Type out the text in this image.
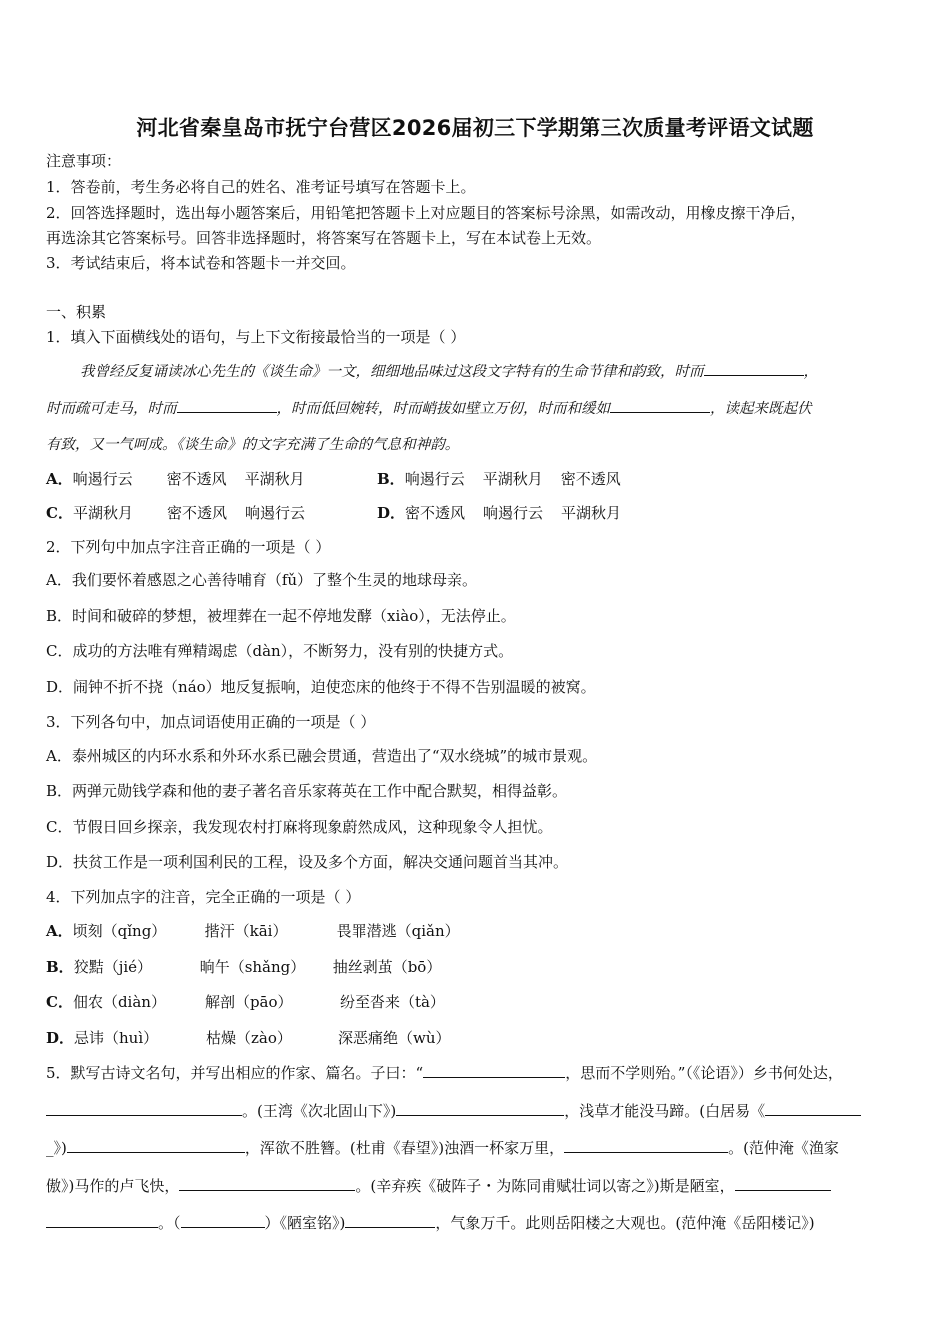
河北省秦皇岛市抚宁台营区2026届初三下学期第三次质量考评语文试题
注意事项：
1．答卷前，考生务必将自己的姓名、准考证号填写在答题卡上。
2．回答选择题时，选出每小题答案后，用铅笔把答题卡上对应题目的答案标号涂黑，如需改动，用橡皮擦干净后，
再选涂其它答案标号。回答非选择题时，将答案写在答题卡上，写在本试卷上无效。
3．考试结束后，将本试卷和答题卡一并交回。
一、积累
1．填入下面横线处的语句，与上下文衔接最恰当的一项是（ ）
我曾经反复诵读冰心先生的《谈生命》一文，细细地品味过这段文字特有的生命节律和韵致，时而	，
时而疏可走马，时而	，时而低回婉转，时而峭拔如壁立万仞，时而和缓如	，读起来既起伏
有致，又一气呵成。《谈生命》的文字充满了生命的气息和神韵。
A．响遏行云 密不透风 平湖秋月	B．响遏行云 平湖秋月 密不透风
C．平湖秋月 密不透风 响遏行云	D．密不透风 响遏行云 平湖秋月
2．下列句中加点字注音正确的一项是（ ）
A．我们要怀着感恩之心善待哺育（fǔ）了整个生灵的地球母亲。
B．时间和破碎的梦想，被埋葬在一起不停地发酵（xiào），无法停止。
C．成功的方法唯有殚精竭虑（dàn），不断努力，没有别的快捷方式。
D．闹钟不折不挠（náo）地反复振响，迫使恋床的他终于不得不告别温暖的被窝。
3．下列各句中，加点词语使用正确的一项是（ ）
A．泰州城区的内环水系和外环水系已融会贯通，营造出了“双水绕城”的城市景观。
B．两弹元勋钱学森和他的妻子著名音乐家蒋英在工作中配合默契，相得益彰。
C．节假日回乡探亲，我发现农村打麻将现象蔚然成风，这种现象令人担忧。
D．扶贫工作是一项利国利民的工程，设及多个方面，解决交通问题首当其冲。
4．下列加点字的注音，完全正确的一项是（ ）
A．顷刻（qǐng）	揩汗（kāi）	畏罪潜逃（qiǎn）
B．狡黠（jié）	晌午（shǎng） 抽丝剥茧（bō）
C．佃农（diàn）	解剖（pāo）	纷至沓来（tà）
D．忌讳（huì）	枯燥（zào）	深恶痛绝（wù）
5．默写古诗文名句，并写出相应的作家、篇名。子曰：“	，思而不学则殆。”（《论语》）乡书何处达，
。(王湾《次北固山下》)	，浅草才能没马蹄。(白居易《
_》)	，浑欲不胜簪。(杜甫《春望》)浊酒一杯家万里，	。(范仲淹《渔家
傲》)马作的卢飞快，	。(辛弃疾《破阵子・为陈同甫赋壮词以寄之》)斯是陋室，
。（	）《陋室铭》)	，气象万千。此则岳阳楼之大观也。(范仲淹《岳阳楼记》)
